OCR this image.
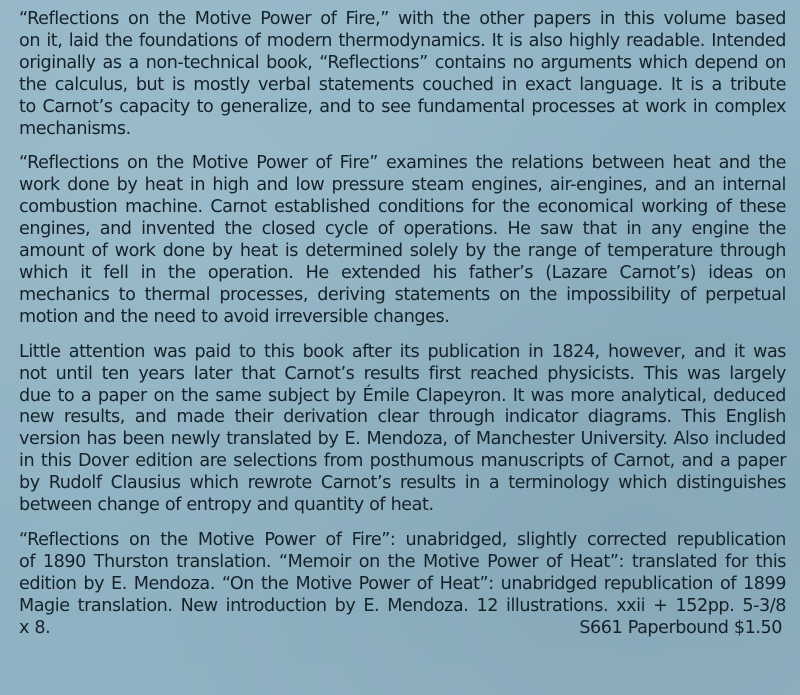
“Reflections on the Motive Power of Fire,” with the other papers in this volume based
on it, laid the foundations of modern thermodynamics. It is also highly readable. Intended
originally as a non-technical book, “Reflections” contains no arguments which depend on
the calculus, but is mostly verbal statements couched in exact language. It is a tribute
to Carnot’s capacity to generalize, and to see fundamental processes at work in complex
mechanisms.

“Reflections on the Motive Power of Fire” examines the relations between heat and the
work done by heat in high and low pressure steam engines, air-engines, and an internal
combustion machine. Carnot established conditions for the economical working of these
engines, and invented the closed cycle of operations. He saw that in any engine the
amount of work done by heat is determined solely by the range of temperature through
which it fell in the operation. He extended his father’s (Lazare Carnot’s) ideas on
mechanics to thermal processes, deriving statements on the impossibility of perpetual
motion and the need to avoid irreversible changes.

Little attention was paid to this book after its publication in 1824, however, and it was
not until ten years later that Carnot’s results first reached physicists. This was largely
due to a paper on the same subject by Émile Clapeyron. It was more analytical, deduced
new results, and made their derivation clear through indicator diagrams. This English
version has been newly translated by E. Mendoza, of Manchester University. Also included
in this Dover edition are selections from posthumous manuscripts of Carnot, and a paper
by Rudolf Clausius which rewrote Carnot’s results in a terminology which distinguishes
between change of entropy and quantity of heat.

“Reflections on the Motive Power of Fire”: unabridged, slightly corrected republication
of 1890 Thurston translation. “Memoir on the Motive Power of Heat”: translated for this
edition by E. Mendoza. “On the Motive Power of Heat”: unabridged republication of 1899
Magie translation. New introduction by E. Mendoza. 12 illustrations. xxii + 152pp. 5-3/8
x 8.	S661 Paperbound $1.50
